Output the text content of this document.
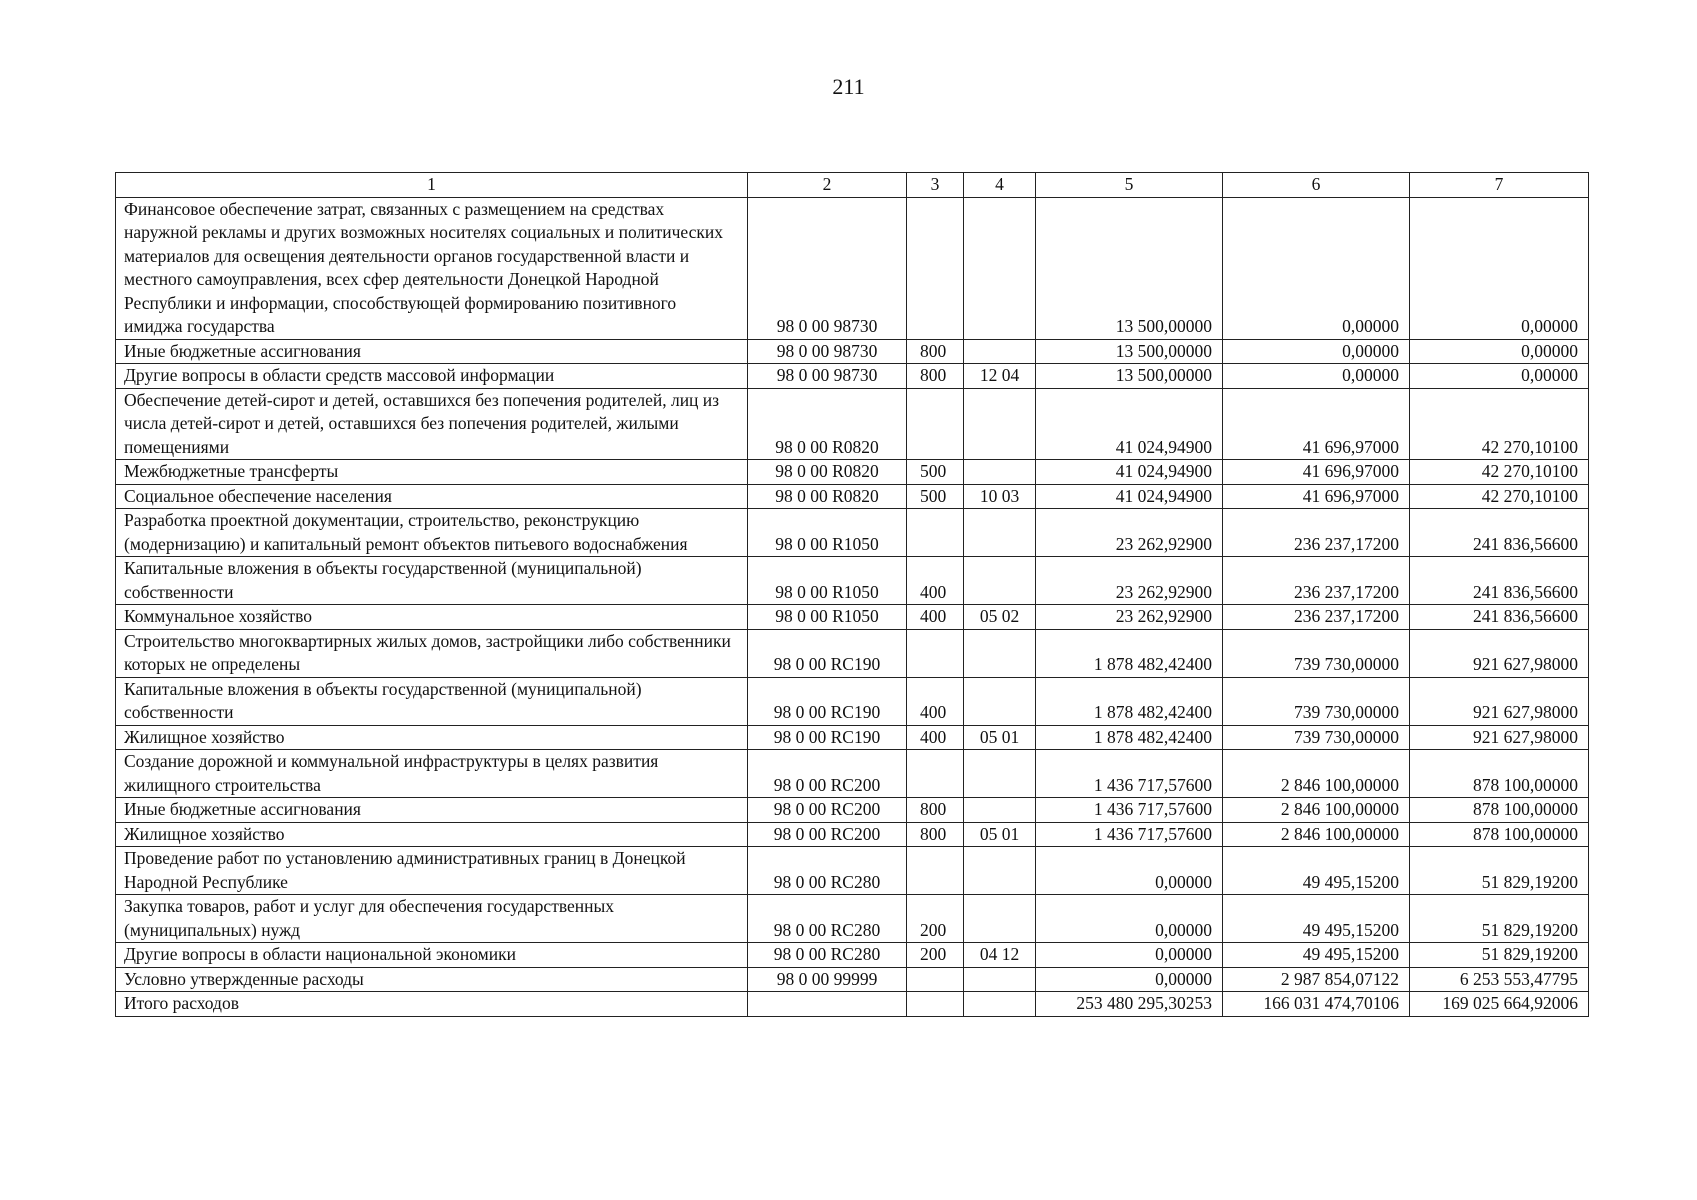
211
1	2	3	4	5	6	7
Финансовое обеспечение затрат, связанных с размещением на средствах наружной рекламы и других возможных носителях социальных и политических материалов для освещения деятельности органов государственной власти и местного самоуправления, всех сфер деятельности Донецкой Народной Республики и информации, способствующей формированию позитивного имиджа государства	98 0 00 98730			13 500,00000	0,00000	0,00000
Иные бюджетные ассигнования	98 0 00 98730	800		13 500,00000	0,00000	0,00000
Другие вопросы в области средств массовой информации	98 0 00 98730	800	12 04	13 500,00000	0,00000	0,00000
Обеспечение детей-сирот и детей, оставшихся без попечения родителей, лиц из числа детей-сирот и детей, оставшихся без попечения родителей, жилыми помещениями	98 0 00 R0820			41 024,94900	41 696,97000	42 270,10100
Межбюджетные трансферты	98 0 00 R0820	500		41 024,94900	41 696,97000	42 270,10100
Социальное обеспечение населения	98 0 00 R0820	500	10 03	41 024,94900	41 696,97000	42 270,10100
Разработка проектной документации, строительство, реконструкцию (модернизацию) и капитальный ремонт объектов питьевого водоснабжения	98 0 00 R1050			23 262,92900	236 237,17200	241 836,56600
Капитальные вложения в объекты государственной (муниципальной) собственности	98 0 00 R1050	400		23 262,92900	236 237,17200	241 836,56600
Коммунальное хозяйство	98 0 00 R1050	400	05 02	23 262,92900	236 237,17200	241 836,56600
Строительство многоквартирных жилых домов, застройщики либо собственники которых не определены	98 0 00 RC190			1 878 482,42400	739 730,00000	921 627,98000
Капитальные вложения в объекты государственной (муниципальной) собственности	98 0 00 RC190	400		1 878 482,42400	739 730,00000	921 627,98000
Жилищное хозяйство	98 0 00 RC190	400	05 01	1 878 482,42400	739 730,00000	921 627,98000
Создание дорожной и коммунальной инфраструктуры в целях развития жилищного строительства	98 0 00 RC200			1 436 717,57600	2 846 100,00000	878 100,00000
Иные бюджетные ассигнования	98 0 00 RC200	800		1 436 717,57600	2 846 100,00000	878 100,00000
Жилищное хозяйство	98 0 00 RC200	800	05 01	1 436 717,57600	2 846 100,00000	878 100,00000
Проведение работ по установлению административных границ в Донецкой Народной Республике	98 0 00 RC280			0,00000	49 495,15200	51 829,19200
Закупка товаров, работ и услуг для обеспечения государственных (муниципальных) нужд	98 0 00 RC280	200		0,00000	49 495,15200	51 829,19200
Другие вопросы в области национальной экономики	98 0 00 RC280	200	04 12	0,00000	49 495,15200	51 829,19200
Условно утвержденные расходы	98 0 00 99999			0,00000	2 987 854,07122	6 253 553,47795
Итого расходов				253 480 295,30253	166 031 474,70106	169 025 664,92006
